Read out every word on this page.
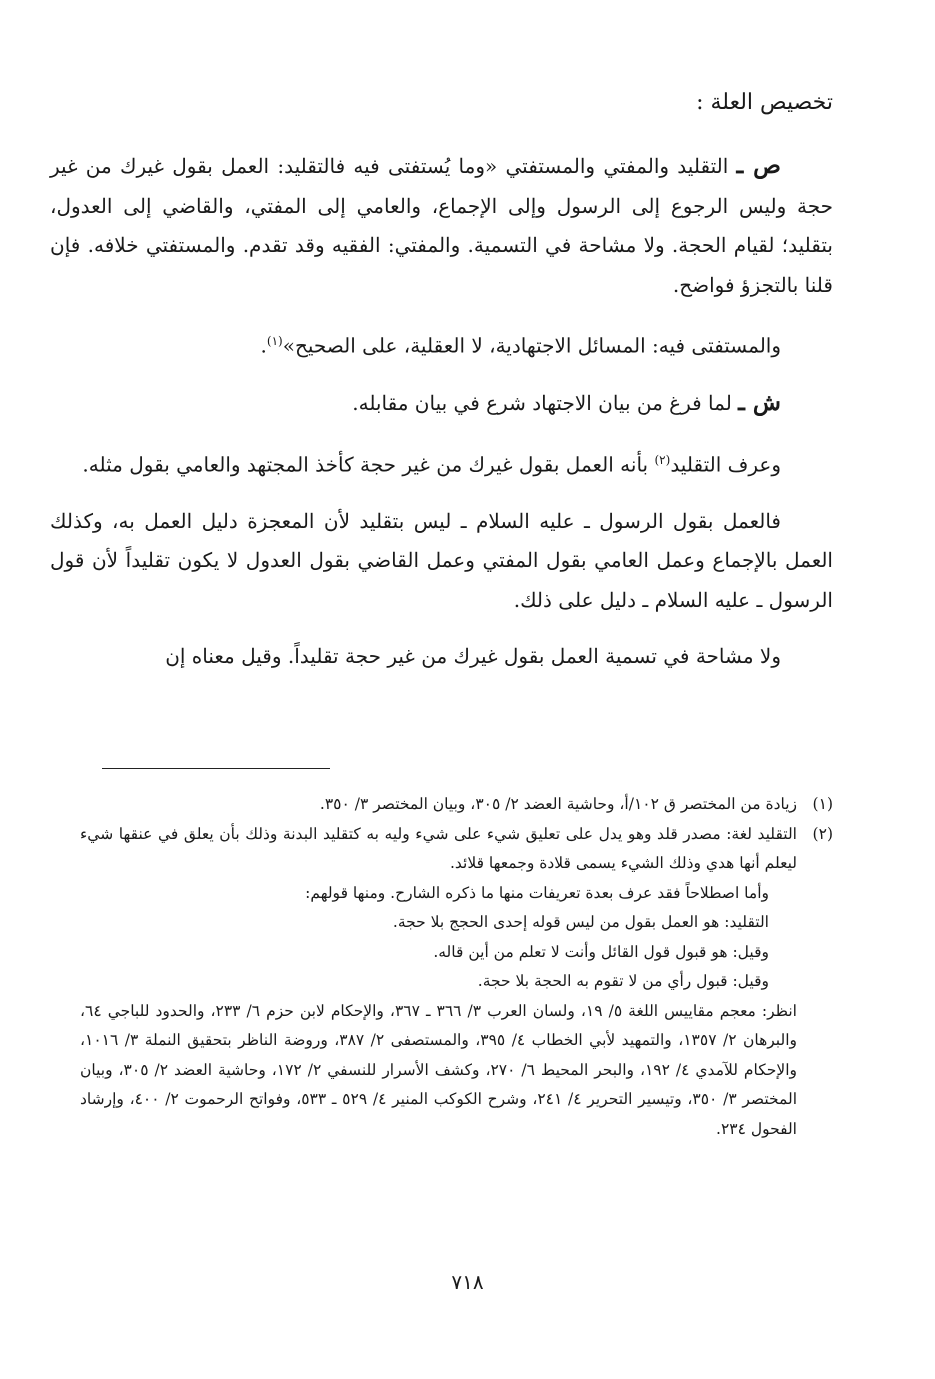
تخصيص العلة :

ص ـ التقليد والمفتي والمستفتي «وما يُستفتى فيه فالتقليد: العمل بقول غيرك من غير حجة وليس الرجوع إلى الرسول وإلى الإجماع، والعامي إلى المفتي، والقاضي إلى العدول، بتقليد؛ لقيام الحجة. ولا مشاحة في التسمية. والمفتي: الفقيه وقد تقدم. والمستفتي خلافه. فإن قلنا بالتجزؤ فواضح.

والمستفتى فيه: المسائل الاجتهادية، لا العقلية، على الصحيح»$^{(١)}$.

ش ـ لما فرغ من بيان الاجتهاد شرع في بيان مقابله.

وعرف التقليد$^{(٢)}$ بأنه العمل بقول غيرك من غير حجة كأخذ المجتهد والعامي بقول مثله.

فالعمل بقول الرسول ـ عليه السلام ـ ليس بتقليد لأن المعجزة دليل العمل به، وكذلك العمل بالإجماع وعمل العامي بقول المفتي وعمل القاضي بقول العدول لا يكون تقليداً لأن قول الرسول ـ عليه السلام ـ دليل على ذلك.

ولا مشاحة في تسمية العمل بقول غيرك من غير حجة تقليداً. وقيل معناه إن

(١)
زيادة من المختصر ق ١٠٢/أ، وحاشية العضد ٢/ ٣٠٥، وبيان المختصر ٣/ ٣٥٠.
(٢)
التقليد لغة: مصدر قلد وهو يدل على تعليق شيء على شيء وليه به كتقليد البدنة وذلك بأن يعلق في عنقها شيء ليعلم أنها هدي وذلك الشيء يسمى قلادة وجمعها قلائد.
وأما اصطلاحاً فقد عرف بعدة تعريفات منها ما ذكره الشارح. ومنها قولهم:
التقليد: هو العمل بقول من ليس قوله إحدى الحجج بلا حجة.
وقيل: هو قبول قول القائل وأنت لا تعلم من أين قاله.
وقيل: قبول رأي من لا تقوم به الحجة بلا حجة.
انظر: معجم مقاييس اللغة ٥/ ١٩، ولسان العرب ٣/ ٣٦٦ ـ ٣٦٧، والإحكام لابن حزم ٦/ ٢٣٣، والحدود للباجي ٦٤، والبرهان ٢/ ١٣٥٧، والتمهيد لأبي الخطاب ٤/ ٣٩٥، والمستصفى ٢/ ٣٨٧، وروضة الناظر بتحقيق النملة ٣/ ١٠١٦، والإحكام للآمدي ٤/ ١٩٢، والبحر المحيط ٦/ ٢٧٠، وكشف الأسرار للنسفي ٢/ ١٧٢، وحاشية العضد ٢/ ٣٠٥، وبيان المختصر ٣/ ٣٥٠، وتيسير التحرير ٤/ ٢٤١، وشرح الكوكب المنير ٤/ ٥٢٩ ـ ٥٣٣، وفواتح الرحموت ٢/ ٤٠٠، وإرشاد الفحول ٢٣٤.
٧١٨
